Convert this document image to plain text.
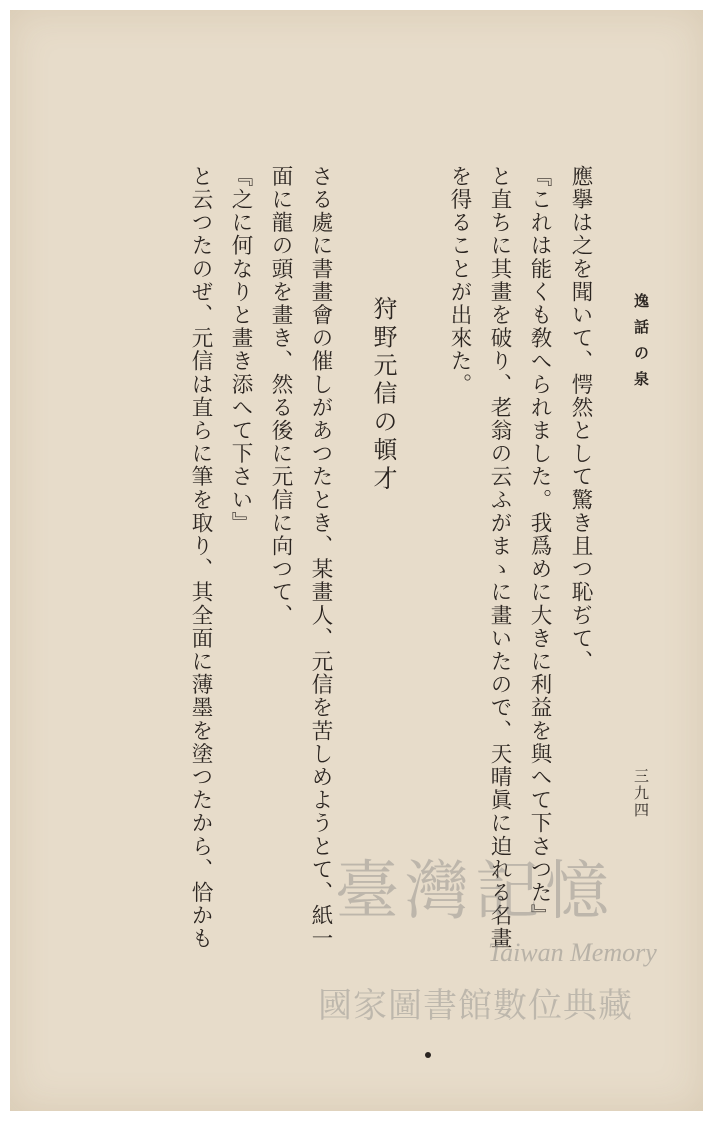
逸話の泉
三九四
應擧は之を聞いて、愕然として驚き且つ恥ぢて、
『これは能くも敎へられました。我爲めに大きに利益を與へて下さつた』
と直ちに其畫を破り、老翁の云ふがまゝに畫いたので、天晴眞に迫れる名畫
を得ることが出來た。
狩野元信の頓才
さる處に書畫會の催しがあつたとき、某畫人、元信を苦しめようとて、紙一
面に龍の頭を畫き、然る後に元信に向つて、
『之に何なりと畫き添へて下さい』
と云つたのぜ、元信は直らに筆を取り、其全面に薄墨を塗つたから、恰かも 臺灣記憶
Taiwan Memory
國家圖書館數位典藏
